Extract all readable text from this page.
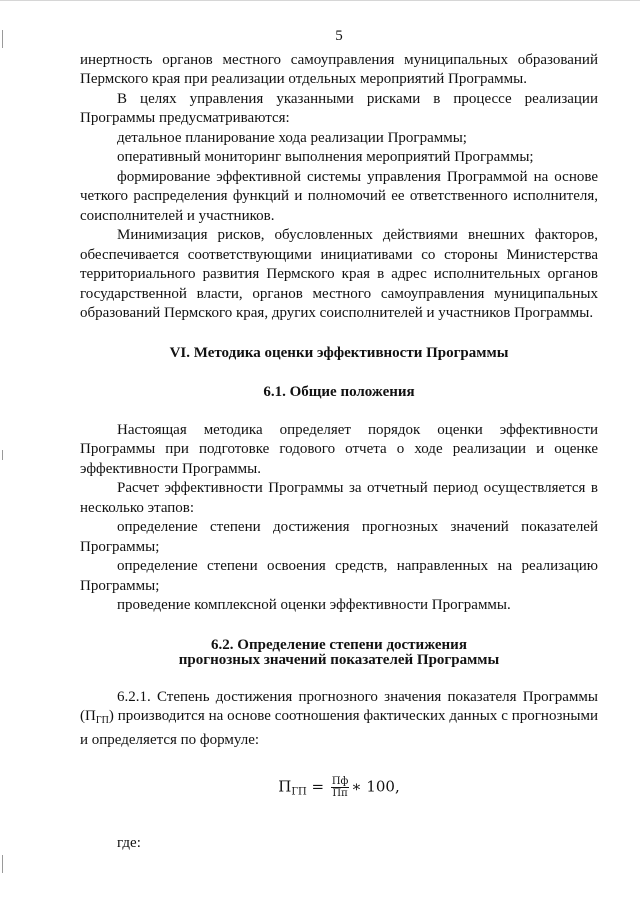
5

инертность органов местного самоуправления муниципальных образований Пермского края при реализации отдельных мероприятий Программы.

В целях управления указанными рисками в процессе реализации Программы предусматриваются:

детальное планирование хода реализации Программы;

оперативный мониторинг выполнения мероприятий Программы;

формирование эффективной системы управления Программой на основе четкого распределения функций и полномочий ее ответственного исполнителя, соисполнителей и участников.

Минимизация рисков, обусловленных действиями внешних факторов, обеспечивается соответствующими инициативами со стороны Министерства территориального развития Пермского края в адрес исполнительных органов государственной власти, органов местного самоуправления муниципальных образований Пермского края, других соисполнителей и участников Программы.

VI. Методика оценки эффективности Программы
6.1. Общие положения

Настоящая методика определяет порядок оценки эффективности Программы при подготовке годового отчета о ходе реализации и оценке эффективности Программы.

Расчет эффективности Программы за отчетный период осуществляется в несколько этапов:

определение степени достижения прогнозных значений показателей Программы;

определение степени освоения средств, направленных на реализацию Программы;

проведение комплексной оценки эффективности Программы.

6.2. Определение степени достижения
прогнозных значений показателей Программы

6.2.1. Степень достижения прогнозного значения показателя Программы $(П_{ГП})$ производится на основе соотношения фактических данных с прогнозными и определяется по формуле:

$П_{ГП} = \frac{Пф}{Пп}$ ∗ 100,

где:
